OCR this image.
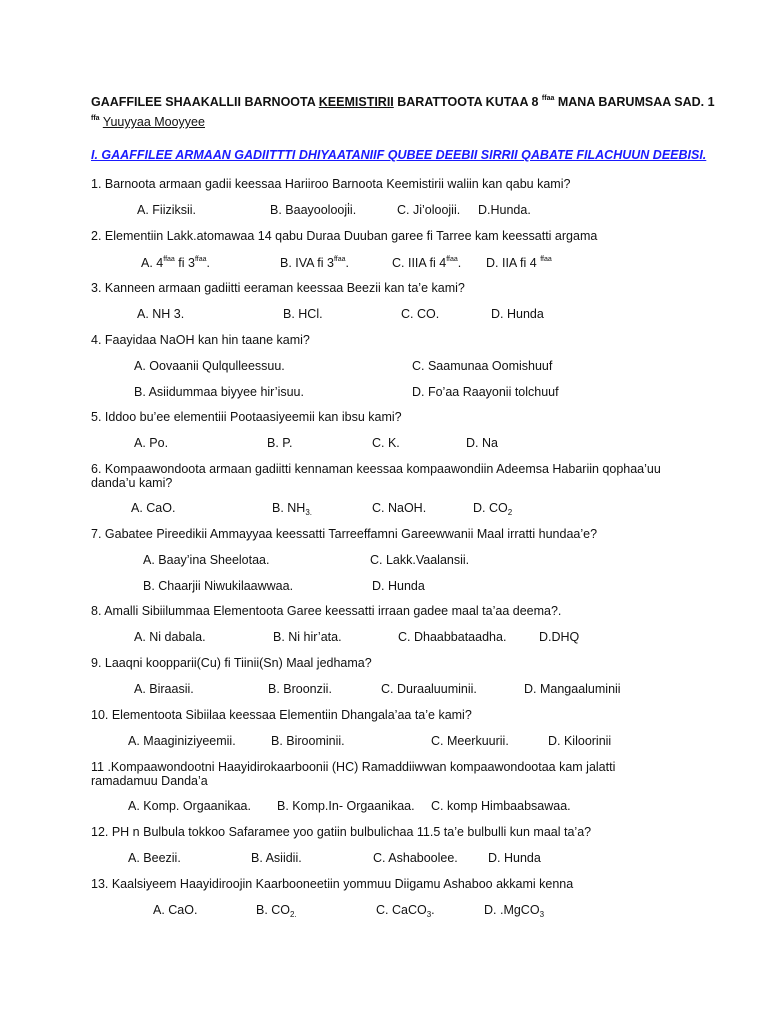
GAAFFILEE SHAAKALLII BARNOOTA KEEMISTIRII BARATTOOTA KUTAA 8 $^{ffaa}$ MANA BARUMSAA SAD. 1
$^{ffa}$ Yuuyyaa Mooyyee
I. GAAFFILEE ARMAAN GADIITTTI DHIYAATANIIF QUBEE DEEBII SIRRII QABATE FILACHUUN DEEBISI.
1. Barnoota armaan gadii keessaa Hariiroo Barnoota Keemistirii waliin kan qabu kami?
A. Fiiziksii.	B. Baayoolooji̇i.	C. Ji’oloojii. D.Hunda.
2. Elementiin Lakk.atomawaa 14 qabu Duraa Duuban garee fi Tarree kam keessatti argama
A. $4^{ffaa}$ fi $3^{ffaa}$.	B. IVA fi $3^{ffaa}$.	C. IIIA fi $4^{ffaa}$. D. IIA fi 4 $^{ffaa}$
3. Kanneen armaan gadiitti eeraman keessaa Beezii kan ta’e kami?
A. NH 3.	B. HCl.	C. CO.	D. Hunda
4. Faayidaa NaOH kan hin taane kami?
A. Oovaanii Qulqulleessuu.	C. Saamunaa Oomishuuf
B. Asiidummaa biyyee hir’isuu.	D. Fo’aa Raayonii tolchuuf
5. Iddoo bu’ee elementiii Pootaasiyeemii kan ibsu kami?
A. Po.	B. P.	C. K.	D. Na
6. Kompaawondoota armaan gadiitti kennaman keessaa kompaawondiin Adeemsa Habariin qophaa’uu danda’u kami?
A. CaO.	B. $NH_{3.}$	C. NaOH.	D. $CO_2$
7. Gabatee Pireedikii Ammayyaa keessatti Tarreeffamni Gareewwanii Maal irratti hundaa’e?
A. Baay’ina Sheelotaa.	C. Lakk.Vaalansii.
B. Chaarjii Niwukilaawwaa.	D. Hunda
8. Amalli Sibiilummaa Elementoota Garee keessatti irraan gadee maal ta’aa deema?.
A. Ni dabala.	B. Ni hir’ata.	C. Dhaabbataadha.	D.DHQ
9. Laaqni koopparii(Cu) fi Tiinii(Sn) Maal jedhama?
A. Biraasii.	B. Broonzii.	C. Duraaluuminii.	D. Mangaaluminii
10. Elementoota Sibiilaa keessaa Elementiin Dhangala’aa ta’e kami?
A. Maaginiziyeemii.	B. Biroominii.	C. Meerkuurii.	D. Kiloorinii
11 .Kompaawondootni Haayidirokaarboonii (HC) Ramaddiiwwan kompaawondootaa kam jalatti ramadamuu Danda’a
A. Komp. Orgaanikaa. B. Komp.In- Orgaanikaa. C. komp Himbaabsawaa.
12. PH n Bulbula tokkoo Safaramee yoo gatiin bulbulichaa 11.5 ta’e bulbulli kun maal ta’a?
A. Beezii.	B. Asiidii.	C. Ashaboolee. D. Hunda
13. Kaalsiyeem Haayidiroojin Kaarbooneetiin yommuu Diigamu Ashaboo akkami kenna
A. CaO.	B. $CO_{2.}$	C. CaCO$_3$.	D. .MgCO$_3$
